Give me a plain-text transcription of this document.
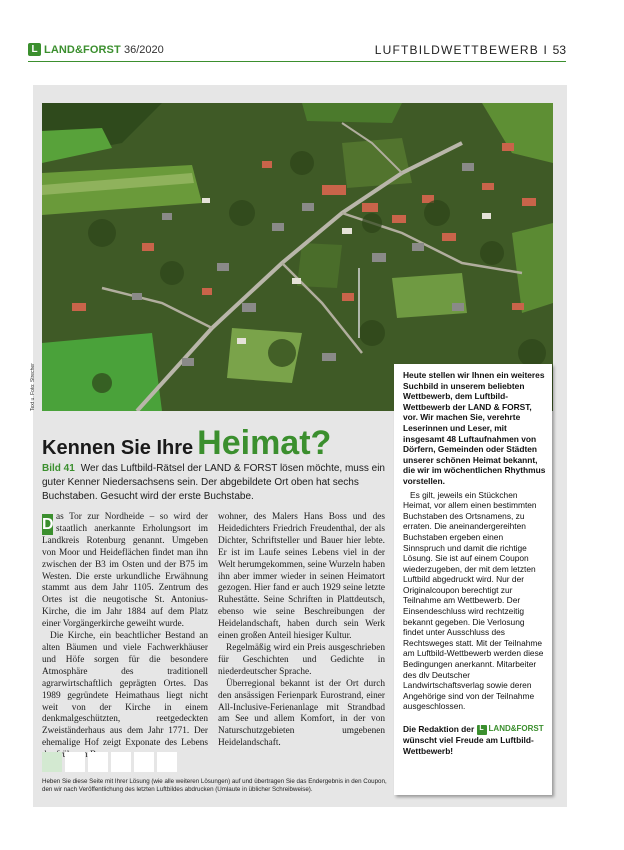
L LAND&FORST 36/2020	LUFTBILDWETTBEWERB I 53
Text u. Foto: Strecher	Heute stellen wir Ihnen ein weiteres Suchbild in unserem beliebten Wettbewerb, dem Luftbild-Wettbewerb der LAND & FORST, vor. Wir machen Sie, verehrte Leserinnen und Leser, mit insgesamt 48 Luftaufnahmen von Dörfern, Gemeinden oder Städten unserer schönen Heimat bekannt, die wir im wöchentlichen Rhythmus vorstellen.

Es gilt, jeweils ein Stückchen Heimat, vor allem einen bestimmten Buchstaben des Ortsnamens, zu erraten. Die aneinandergereihten Buchstaben ergeben einen Sinnspruch und damit die richtige Lösung. Sie ist auf einem Coupon wiederzugeben, der mit dem letzten Luftbild abgedruckt wird. Nur der Originalcoupon berechtigt zur Teilnahme am Wettbewerb. Der Einsendeschluss wird rechtzeitig bekannt gegeben. Die Verlosung findet unter Ausschluss des Rechtsweges statt. Mit der Teilnahme am Luftbild-Wettbewerb werden diese Bedingungen anerkannt. Mitarbeiter des dlv Deutscher Landwirtschaftsverlag sowie deren Angehörige sind von der Teilnahme ausgeschlossen.

Die Redaktion der L LAND&FORST
wünscht viel Freude am Luftbild-Wettbewerb!
Kennen Sie Ihre Heimat?
Bild 41 Wer das Luftbild-Rätsel der LAND & FORST lösen möchte, muss ein guter Kenner Niedersachsens sein. Der abgebildete Ort oben hat sechs Buchstaben. Gesucht wird der erste Buchstabe.

D as Tor zur Nordheide – so wird der staatlich anerkannte Erholungsort im Landkreis Rotenburg genannt. Umgeben von Moor und Heideflächen findet man ihn zwischen der B3 im Osten und der B75 im Westen. Die erste urkundliche Erwähnung stammt aus dem Jahr 1105. Zentrum des Ortes ist die neugotische St. Antonius-Kirche, die im Jahr 1884 auf dem Platz einer Vorgängerkirche geweiht wurde.

Die Kirche, ein beachtlicher Bestand an alten Bäumen und viele Fachwerkhäuser und Höfe sorgen für die besondere Atmosphäre des traditionell agrarwirtschaftlich geprägten Ortes. Das 1989 gegründete Heimathaus liegt nicht weit von der Kirche in einem denkmalgeschützten, reetgedeckten Zweiständerhaus aus dem Jahr 1771. Der ehemalige Hof zeigt Exponate des Lebens

wohner, des Malers Hans Boss und des Heidedichters Friedrich Freudenthal, der als Dichter, Schriftsteller und Bauer hier lebte. Er ist im Laufe seines Lebens viel in der Welt herumgekommen, seine Wurzeln haben ihn aber immer wieder in seinen Heimatort gezogen. Hier fand er auch 1929 seine letzte Ruhestätte. Seine Schriften in Plattdeutsch, ebenso wie seine Beschreibungen der Heidelandschaft, haben durch sein Werk einen großen Anteil hiesiger Kultur.

Regelmäßig wird ein Preis ausgeschrieben für Geschichten und Gedichte in niederdeutscher Sprache.

Überregional bekannt ist der Ort durch den ansässigen Ferienpark Eurostrand, einer All-Inclusive-Ferienanlage mit Strandbad am See und allem Komfort, in der von Naturschutzgebieten umgebenen Heidelandschaft.

Heben Sie diese Seite mit Ihrer Lösung (wie alle weiteren Lösungen) auf und übertragen Sie das Endergebnis in den Coupon, den wir nach Veröffentlichung des letzten Luftbildes abdrucken (Umlaute in üblicher Schreibweise).
